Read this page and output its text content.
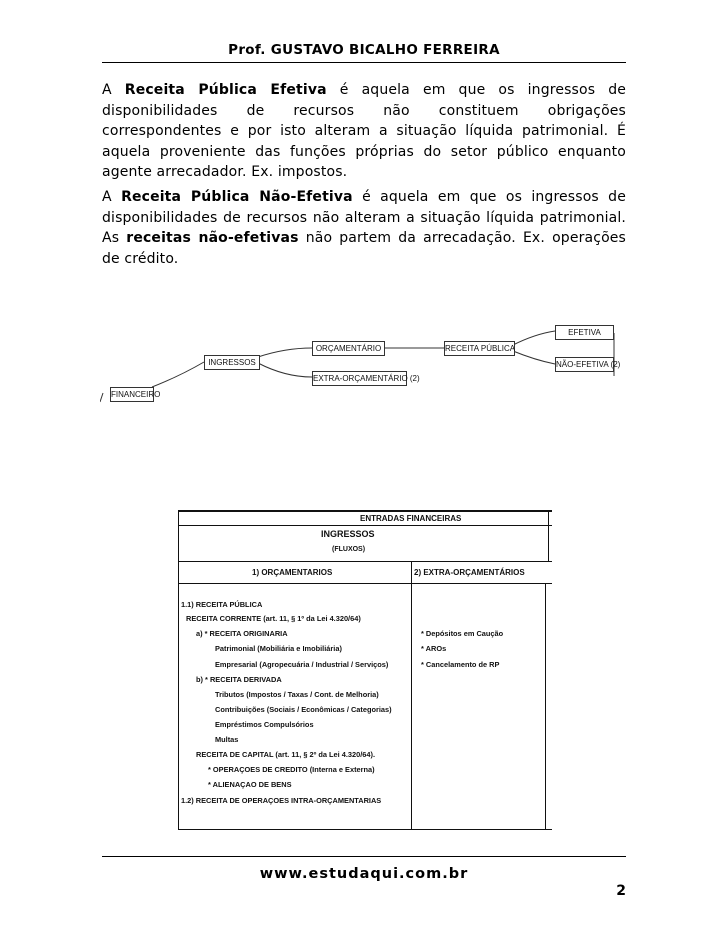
Prof. GUSTAVO BICALHO FERREIRA
A Receita Pública Efetiva é aquela em que os ingressos de disponibilidades de recursos não constituem obrigações correspondentes e por isto alteram a situação líquida patrimonial. É aquela proveniente das funções próprias do setor público enquanto agente arrecadador. Ex. impostos.
A Receita Pública Não-Efetiva é aquela em que os ingressos de disponibilidades de recursos não alteram a situação líquida patrimonial. As receitas não-efetivas não partem da arrecadação. Ex. operações de crédito.
FINANCEIRO
INGRESSOS
ORÇAMENTÁRIO
EXTRA-ORÇAMENTÁRIO (2)
RECEITA PÚBLICA
EFETIVA
NÃO-EFETIVA (2)
ENTRADAS FINANCEIRAS
INGRESSOS
(FLUXOS)
1) ORÇAMENTARIOS	2) EXTRA-ORÇAMENTÁRIOS
1.1) RECEITA PÚBLICA
RECEITA CORRENTE (art. 11, § 1º da Lei 4.320/64)
a) * RECEITA ORIGINARIA
Patrimonial (Mobiliária e Imobiliária)
Empresarial (Agropecuária / Industrial / Serviços)
b) * RECEITA DERIVADA
Tributos (Impostos / Taxas / Cont. de Melhoria)
Contribuições (Sociais / Econômicas / Categorias)
Empréstimos Compulsórios
Multas
RECEITA DE CAPITAL (art. 11, § 2º da Lei 4.320/64).
* OPERAÇOES DE CREDITO (Interna e Externa)
* ALIENAÇAO DE BENS
1.2) RECEITA DE OPERAÇOES INTRA-ORÇAMENTARIAS
* Depósitos em Caução
* AROs
* Cancelamento de RP
www.estudaqui.com.br
2
